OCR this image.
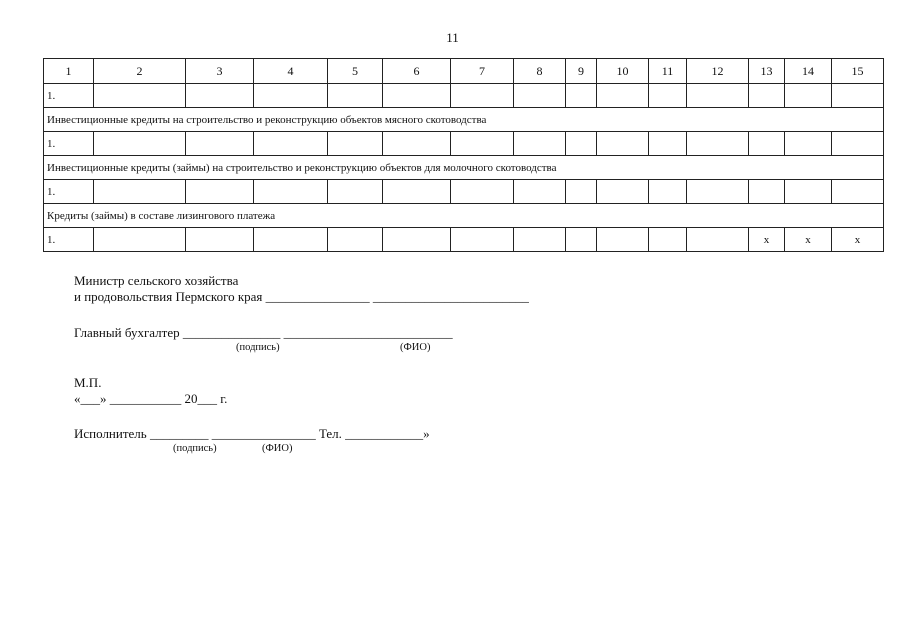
11
1	2	3	4	5	6	7	8	9	10	11	12	13	14	15
1.														
Инвестиционные кредиты на строительство и реконструкцию объектов мясного скотоводства														
1.														
Инвестиционные кредиты (займы) на строительство и реконструкцию объектов для молочного скотоводства														
1.														
Кредиты (займы) в составе лизингового платежа														
1.												x	x	x
Министр сельского хозяйства
и продовольствия Пермского края ________________ ________________________
Главный бухгалтер _______________ __________________________
(подпись)	(ФИО)
М.П.
«___» ___________ 20___ г.
Исполнитель _________ ________________ Тел. ____________»
(подпись)	(ФИО)
